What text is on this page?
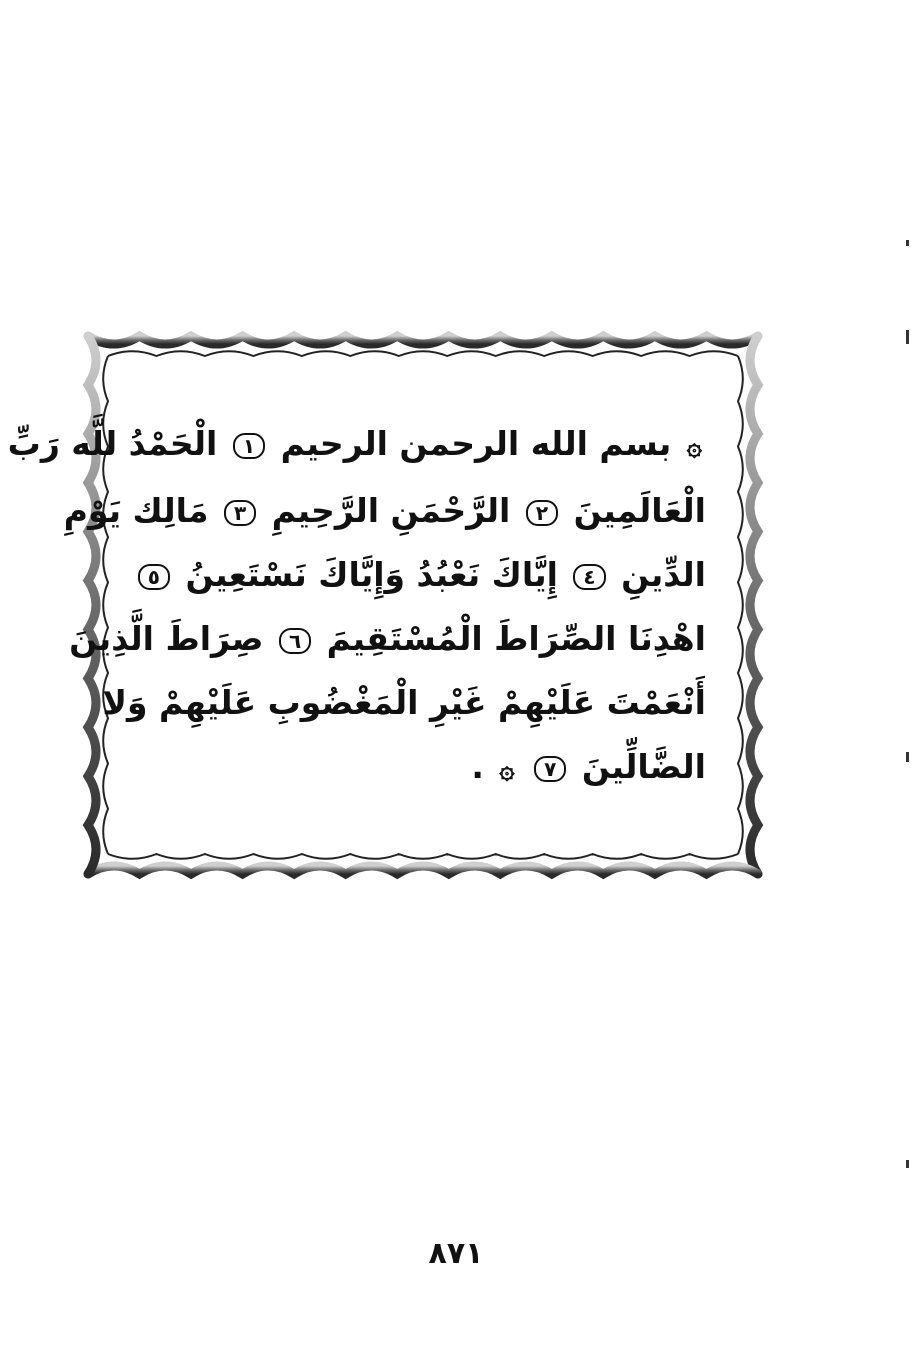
۞ بسم الله الرحمن الرحيم ١ الْحَمْدُ للَّه رَبِّ
الْعَالَمِينَ ٢ الرَّحْمَنِ الرَّحِيمِ ٣ مَالِك يَوْمِ
الدِّينِ ٤ إِيَّاكَ نَعْبُدُ وَإِيَّاكَ نَسْتَعِينُ ٥
اهْدِنَا الصِّرَاطَ الْمُسْتَقِيمَ ٦ صِرَاطَ الَّذِينَ
أَنْعَمْتَ عَلَيْهِمْ غَيْرِ الْمَغْضُوبِ عَلَيْهِمْ وَلا
الضَّالِّينَ ٧ ۞ .
٨٧١
